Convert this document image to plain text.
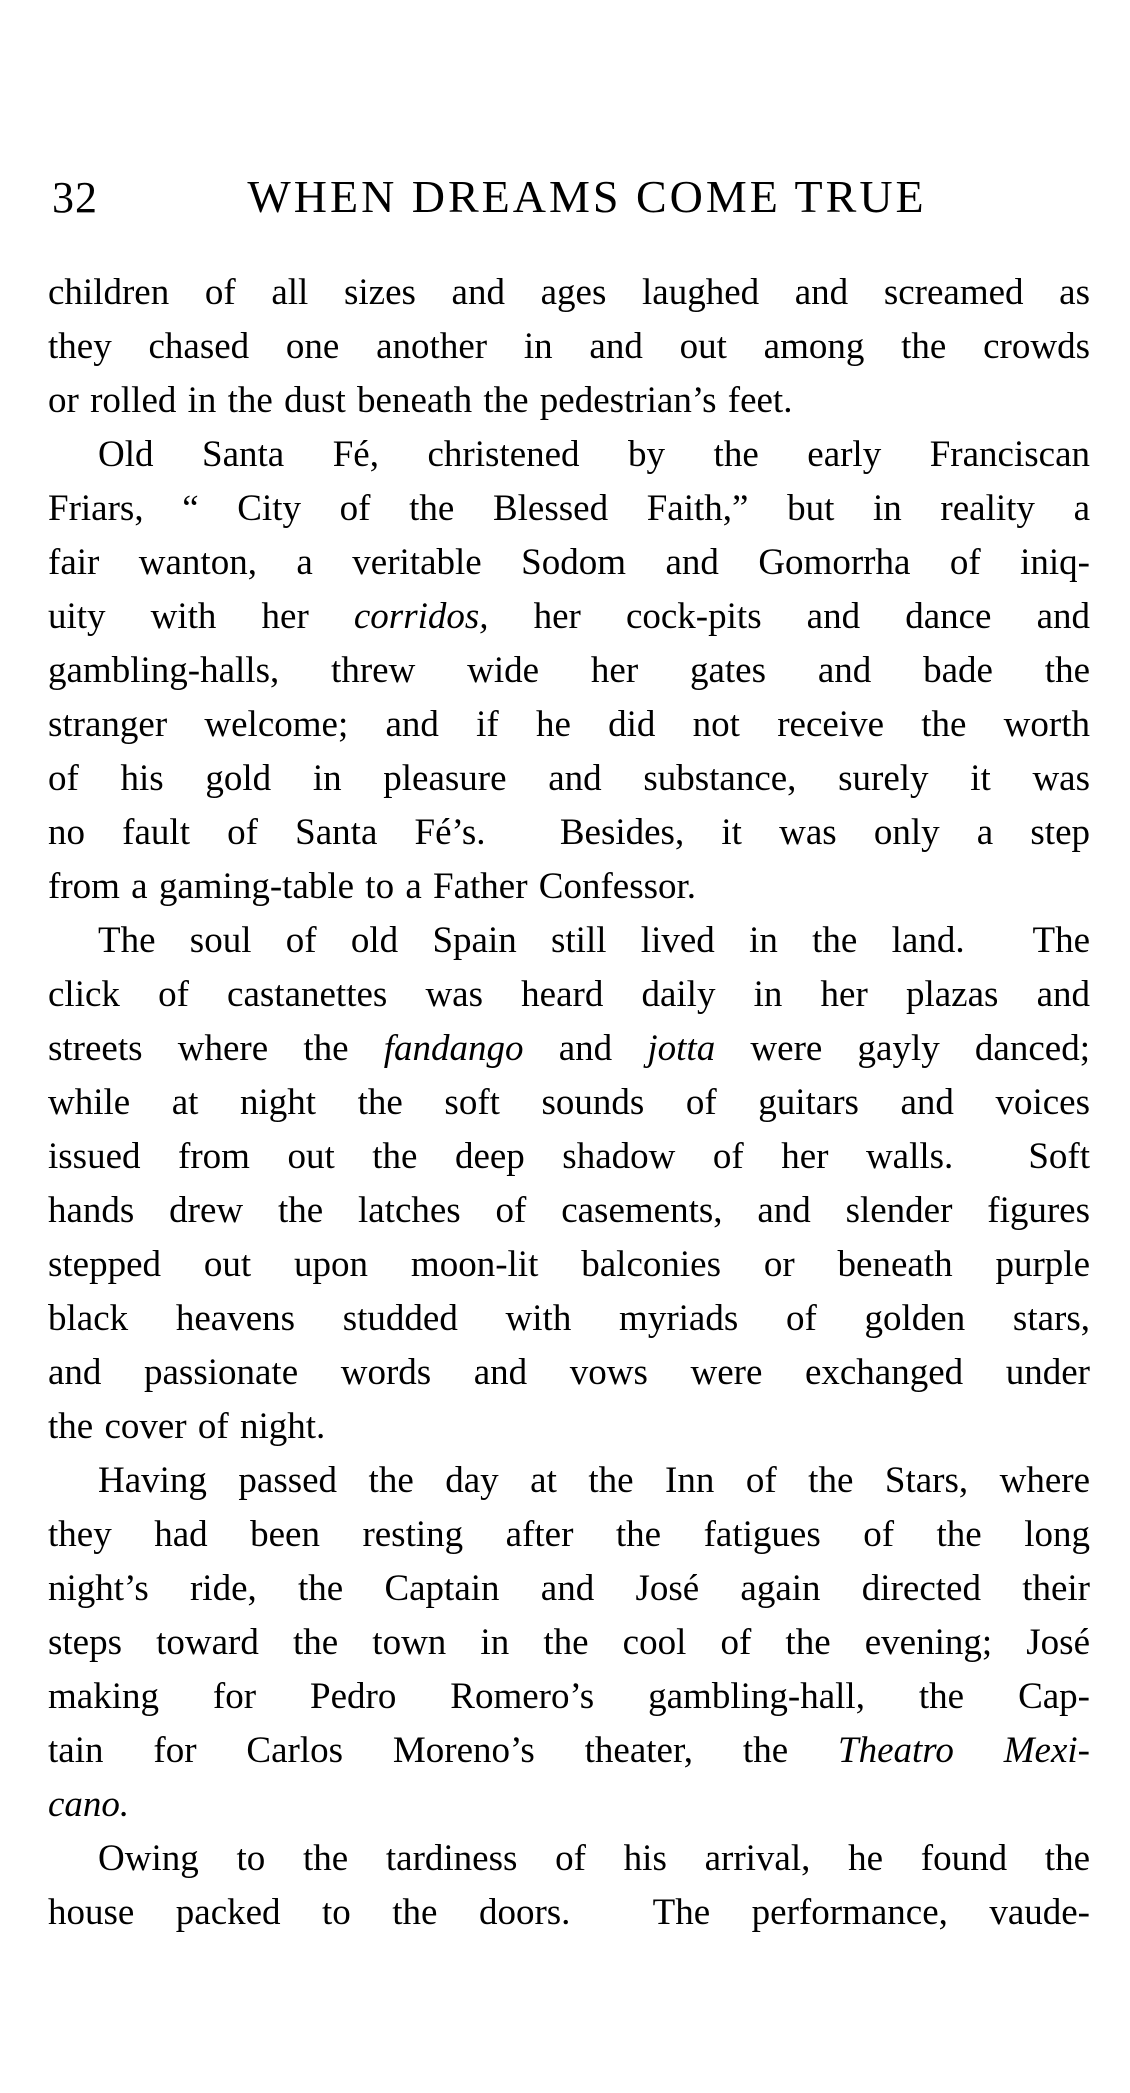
32	WHEN DREAMS COME TRUE
children of all sizes and ages laughed and screamed as
they chased one another in and out among the crowds
or rolled in the dust beneath the pedestrian’s feet.
Old Santa Fé, christened by the early Franciscan
Friars, “ City of the Blessed Faith,” but in reality a
fair wanton, a veritable Sodom and Gomorrha of iniq-
uity with her corridos, her cock-pits and dance and
gambling-halls, threw wide her gates and bade the
stranger welcome; and if he did not receive the worth
of his gold in pleasure and substance, surely it was
no fault of Santa Fé’s.  Besides, it was only a step
from a gaming-table to a Father Confessor.
The soul of old Spain still lived in the land.  The
click of castanettes was heard daily in her plazas and
streets where the fandango and jotta were gayly danced;
while at night the soft sounds of guitars and voices
issued from out the deep shadow of her walls.  Soft
hands drew the latches of casements, and slender figures
stepped out upon moon-lit balconies or beneath purple
black heavens studded with myriads of golden stars,
and passionate words and vows were exchanged under
the cover of night.
Having passed the day at the Inn of the Stars, where
they had been resting after the fatigues of the long
night’s ride, the Captain and José again directed their
steps toward the town in the cool of the evening; José
making for Pedro Romero’s gambling-hall, the Cap-
tain for Carlos Moreno’s theater, the Theatro Mexi-
cano.
Owing to the tardiness of his arrival, he found the
house packed to the doors.  The performance, vaude-
